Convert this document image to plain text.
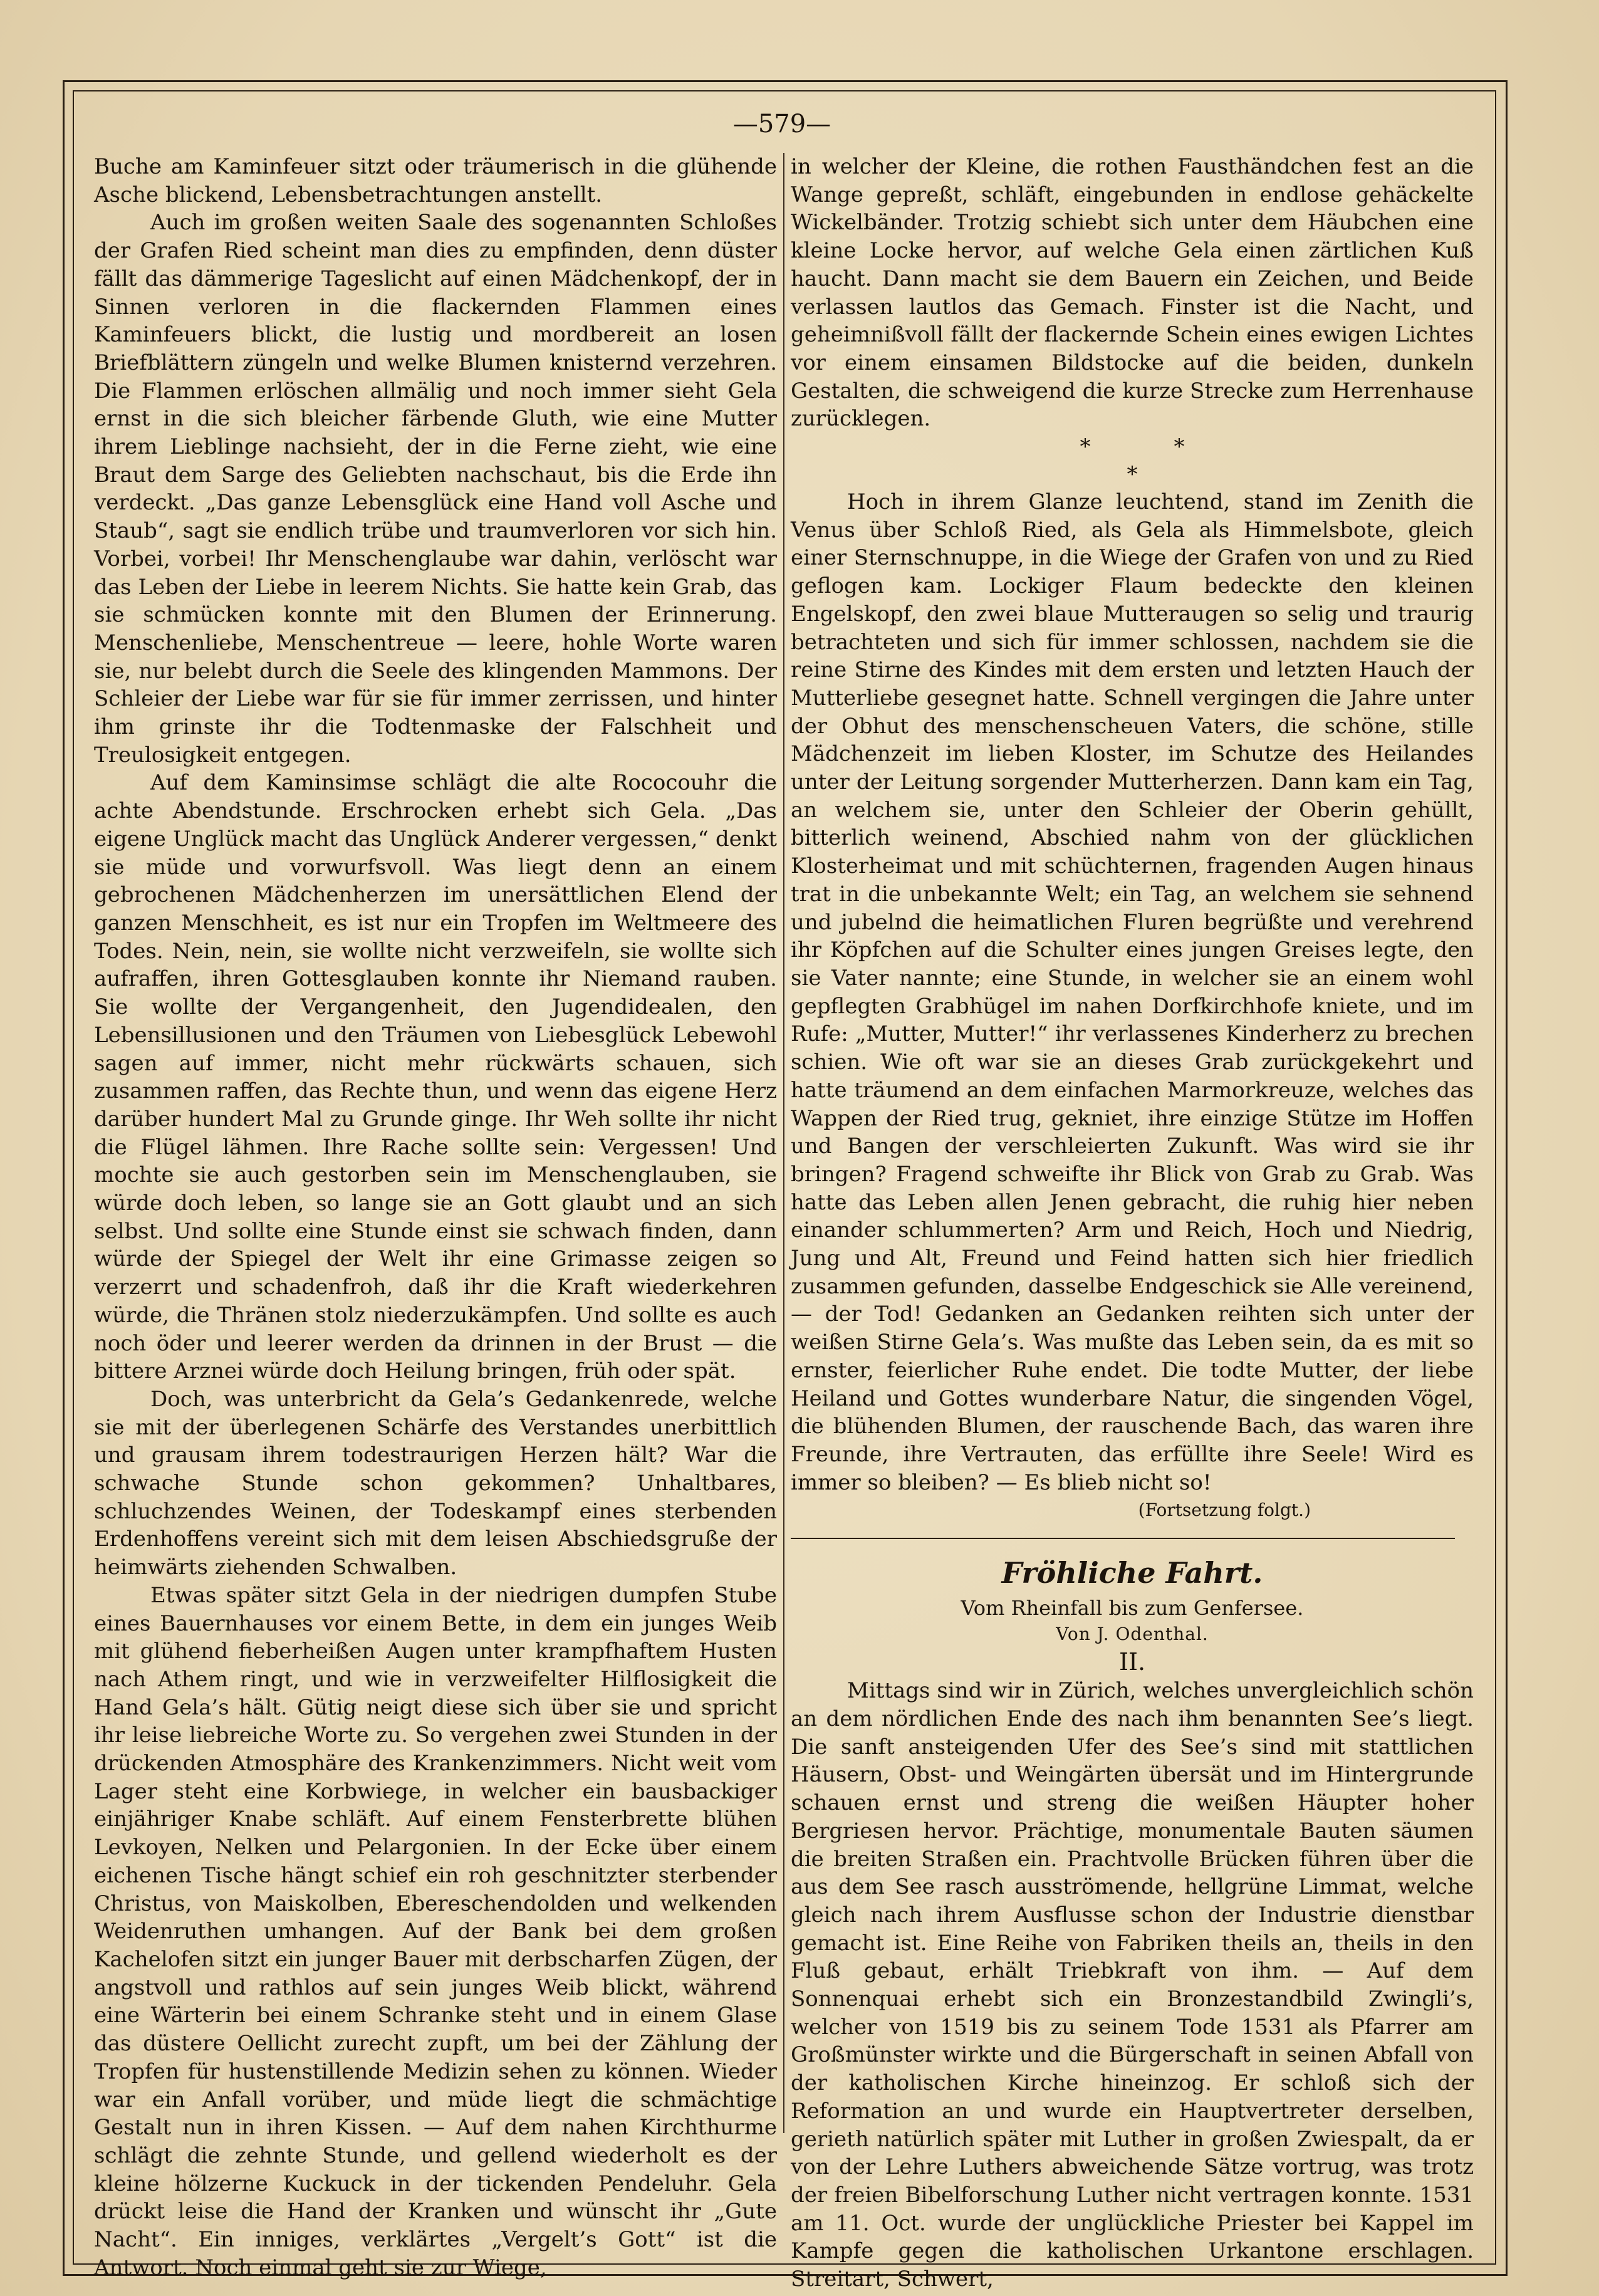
—⁣​579​—

Buche am Kaminfeuer sitzt oder träumerisch in die glühende Asche blickend, Lebensbetrachtungen anstellt.

Auch im großen weiten Saale des sogenannten Schloßes der Grafen Ried scheint man dies zu empfinden, denn düster fällt das dämmerige Tageslicht auf einen Mädchenkopf, der in Sinnen verloren in die flackernden Flammen eines Kaminfeuers blickt, die lustig und mordbereit an losen Briefblättern züngeln und welke Blumen knisternd verzehren. Die Flammen erlöschen allmälig und noch immer sieht Gela ernst in die sich bleicher färbende Gluth, wie eine Mutter ihrem Lieblinge nachsieht, der in die Ferne zieht, wie eine Braut dem Sarge des Geliebten nachschaut, bis die Erde ihn verdeckt. „Das ganze Lebensglück eine Hand voll Asche und Staub“, sagt sie endlich trübe und traumverloren vor sich hin. Vorbei, vorbei! Ihr Menschenglaube war dahin, verlöscht war das Leben der Liebe in leerem Nichts. Sie hatte kein Grab, das sie schmücken konnte mit den Blumen der Erinnerung. Menschenliebe, Menschentreue — leere, hohle Worte waren sie, nur belebt durch die Seele des klingenden Mammons. Der Schleier der Liebe war für sie für immer zerrissen, und hinter ihm grinste ihr die Todtenmaske der Falschheit und Treulosigkeit entgegen.

Auf dem Kaminsimse schlägt die alte Rococouhr die achte Abendstunde. Erschrocken erhebt sich Gela. „Das eigene Unglück macht das Unglück Anderer vergessen,“ denkt sie müde und vorwurfsvoll. Was liegt denn an einem gebrochenen Mädchenherzen im unersättlichen Elend der ganzen Menschheit, es ist nur ein Tropfen im Weltmeere des Todes. Nein, nein, sie wollte nicht verzweifeln, sie wollte sich aufraffen, ihren Gottesglauben konnte ihr Niemand rauben. Sie wollte der Vergangenheit, den Jugendidealen, den Lebensillusionen und den Träumen von Liebesglück Lebewohl sagen auf immer, nicht mehr rückwärts schauen, sich zusammen raffen, das Rechte thun, und wenn das eigene Herz darüber hundert Mal zu Grunde ginge. Ihr Weh sollte ihr nicht die Flügel lähmen. Ihre Rache sollte sein: Vergessen! Und mochte sie auch gestorben sein im Menschenglauben, sie würde doch leben, so lange sie an Gott glaubt und an sich selbst. Und sollte eine Stunde einst sie schwach finden, dann würde der Spiegel der Welt ihr eine Grimasse zeigen so verzerrt und schadenfroh, daß ihr die Kraft wiederkehren würde, die Thränen stolz niederzukämpfen. Und sollte es auch noch öder und leerer werden da drinnen in der Brust — die bittere Arznei würde doch Heilung bringen, früh oder spät.

Doch, was unterbricht da Gela’s Gedankenrede, welche sie mit der überlegenen Schärfe des Verstandes unerbittlich und grausam ihrem todestraurigen Herzen hält? War die schwache Stunde schon gekommen? Unhaltbares, schluchzendes Weinen, der Todeskampf eines sterbenden Erdenhoffens vereint sich mit dem leisen Abschiedsgruße der heimwärts ziehenden Schwalben.

Etwas später sitzt Gela in der niedrigen dumpfen Stube eines Bauernhauses vor einem Bette, in dem ein junges Weib mit glühend fieberheißen Augen unter krampfhaftem Husten nach Athem ringt, und wie in verzweifelter Hilflosigkeit die Hand Gela’s hält. Gütig neigt diese sich über sie und spricht ihr leise liebreiche Worte zu. So vergehen zwei Stunden in der drückenden Atmosphäre des Krankenzimmers. Nicht weit vom Lager steht eine Korbwiege, in welcher ein bausbackiger einjähriger Knabe schläft. Auf einem Fensterbrette blühen Levkoyen, Nelken und Pelargonien. In der Ecke über einem eichenen Tische hängt schief ein roh geschnitzter sterbender Christus, von Maiskolben, Ebereschendolden und welkenden Weidenruthen umhangen. Auf der Bank bei dem großen Kachelofen sitzt ein junger Bauer mit derbscharfen Zügen, der angstvoll und rathlos auf sein junges Weib blickt, während eine Wärterin bei einem Schranke steht und in einem Glase das düstere Oellicht zurecht zupft, um bei der Zählung der Tropfen für hustenstillende Medizin sehen zu können. Wieder war ein Anfall vorüber, und müde liegt die schmächtige Gestalt nun in ihren Kissen. — Auf dem nahen Kirchthurme schlägt die zehnte Stunde, und gellend wiederholt es der kleine hölzerne Kuckuck in der tickenden Pendeluhr. Gela drückt leise die Hand der Kranken und wünscht ihr „Gute Nacht“. Ein inniges, verklärtes „Vergelt’s Gott“ ist die Antwort. Noch einmal geht sie zur Wiege,

in welcher der Kleine, die rothen Fausthändchen fest an die Wange gepreßt, schläft, eingebunden in endlose gehäckelte Wickelbänder. Trotzig schiebt sich unter dem Häubchen eine kleine Locke hervor, auf welche Gela einen zärtlichen Kuß haucht. Dann macht sie dem Bauern ein Zeichen, und Beide verlassen lautlos das Gemach. Finster ist die Nacht, und geheimnißvoll fällt der flackernde Schein eines ewigen Lichtes vor einem einsamen Bildstocke auf die beiden, dunkeln Gestalten, die schweigend die kurze Strecke zum Herrenhause zurücklegen.

*	*
*

Hoch in ihrem Glanze leuchtend, stand im Zenith die Venus über Schloß Ried, als Gela als Himmelsbote, gleich einer Sternschnuppe, in die Wiege der Grafen von und zu Ried geflogen kam. Lockiger Flaum bedeckte den kleinen Engelskopf, den zwei blaue Mutteraugen so selig und traurig betrachteten und sich für immer schlossen, nachdem sie die reine Stirne des Kindes mit dem ersten und letzten Hauch der Mutterliebe gesegnet hatte. Schnell vergingen die Jahre unter der Obhut des menschenscheuen Vaters, die schöne, stille Mädchenzeit im lieben Kloster, im Schutze des Heilandes unter der Leitung sorgender Mutterherzen. Dann kam ein Tag, an welchem sie, unter den Schleier der Oberin gehüllt, bitterlich weinend, Abschied nahm von der glücklichen Klosterheimat und mit schüchternen, fragenden Augen hinaus trat in die unbekannte Welt; ein Tag, an welchem sie sehnend und jubelnd die heimatlichen Fluren begrüßte und verehrend ihr Köpfchen auf die Schulter eines jungen Greises legte, den sie Vater nannte; eine Stunde, in welcher sie an einem wohl gepflegten Grabhügel im nahen Dorfkirchhofe kniete, und im Rufe: „Mutter, Mutter!“ ihr verlassenes Kinderherz zu brechen schien. Wie oft war sie an dieses Grab zurückgekehrt und hatte träumend an dem einfachen Marmorkreuze, welches das Wappen der Ried trug, gekniet, ihre einzige Stütze im Hoffen und Bangen der verschleierten Zukunft. Was wird sie ihr bringen? Fragend schweifte ihr Blick von Grab zu Grab. Was hatte das Leben allen Jenen gebracht, die ruhig hier neben einander schlummerten? Arm und Reich, Hoch und Niedrig, Jung und Alt, Freund und Feind hatten sich hier friedlich zusammen gefunden, dasselbe Endgeschick sie Alle vereinend, — der Tod! Gedanken an Gedanken reihten sich unter der weißen Stirne Gela’s. Was mußte das Leben sein, da es mit so ernster, feierlicher Ruhe endet. Die todte Mutter, der liebe Heiland und Gottes wunderbare Natur, die singenden Vögel, die blühenden Blumen, der rauschende Bach, das waren ihre Freunde, ihre Vertrauten, das erfüllte ihre Seele! Wird es immer so bleiben? — Es blieb nicht so!

(Fortsetzung folgt.)
Fröhliche Fahrt.
Vom Rheinfall bis zum Genfersee.
Von J. Odenthal.
II.

Mittags sind wir in Zürich, welches unvergleichlich schön an dem nördlichen Ende des nach ihm benannten See’s liegt. Die sanft ansteigenden Ufer des See’s sind mit stattlichen Häusern, Obst- und Weingärten übersät und im Hintergrunde schauen ernst und streng die weißen Häupter hoher Bergriesen hervor. Prächtige, monumentale Bauten säumen die breiten Straßen ein. Prachtvolle Brücken führen über die aus dem See rasch ausströmende, hellgrüne Limmat, welche gleich nach ihrem Ausflusse schon der Industrie dienstbar gemacht ist. Eine Reihe von Fabriken theils an, theils in den Fluß gebaut, erhält Triebkraft von ihm. — Auf dem Sonnenquai erhebt sich ein Bronzestandbild Zwingli’s, welcher von 1519 bis zu seinem Tode 1531 als Pfarrer am Großmünster wirkte und die Bürgerschaft in seinen Abfall von der katholischen Kirche hineinzog. Er schloß sich der Reformation an und wurde ein Hauptvertreter derselben, gerieth natürlich später mit Luther in großen Zwiespalt, da er von der Lehre Luthers abweichende Sätze vortrug, was trotz der freien Bibelforschung Luther nicht vertragen konnte. 1531 am 11. Oct. wurde der unglückliche Priester bei Kappel im Kampfe gegen die katholischen Urkantone erschlagen. Streitart, Schwert,
